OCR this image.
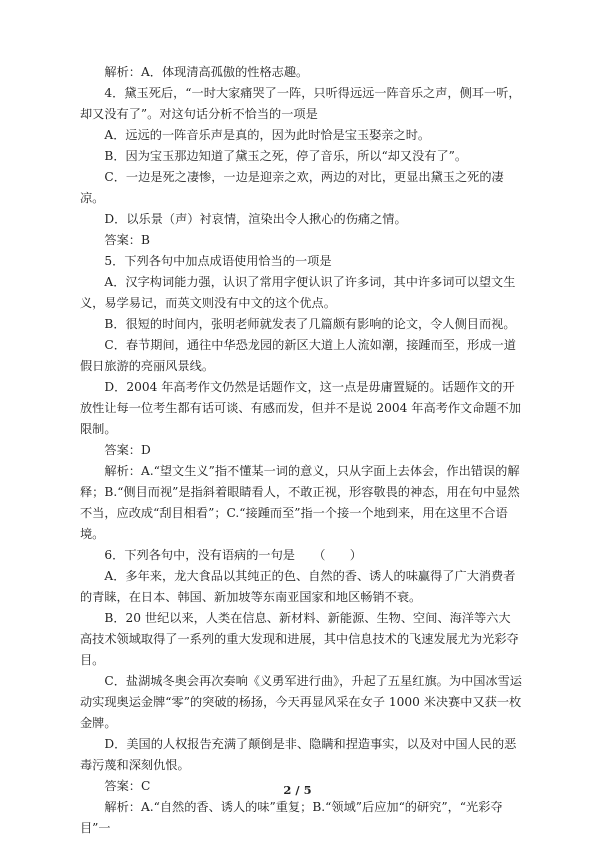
解析：A．体现清高孤傲的性格志趣。

4．黛玉死后，“一时大家痛哭了一阵，只听得远远一阵音乐之声，侧耳一听，却又没有了”。对这句话分析不恰当的一项是

A．远远的一阵音乐声是真的，因为此时恰是宝玉娶亲之时。

B．因为宝玉那边知道了黛玉之死，停了音乐，所以“却又没有了”。

C．一边是死之凄惨，一边是迎亲之欢，两边的对比，更显出黛玉之死的凄凉。

D．以乐景（声）衬哀情，渲染出令人揪心的伤痛之情。

答案：B

5．下列各句中加点成语使用恰当的一项是

A．汉字构词能力强，认识了常用字便认识了许多词，其中许多词可以望文生义，易学易记，而英文则没有中文的这个优点。

B．很短的时间内，张明老师就发表了几篇颇有影响的论文，令人侧目而视。

C．春节期间，通往中华恐龙园的新区大道上人流如潮，接踵而至，形成一道假日旅游的亮丽风景线。

D．2004 年高考作文仍然是话题作文，这一点是毋庸置疑的。话题作文的开放性让每一位考生都有话可谈、有感而发，但并不是说 2004 年高考作文命题不加限制。

答案：D

解析：A.“望文生义”指不懂某一词的意义，只从字面上去体会，作出错误的解释；B.“侧目而视”是指斜着眼睛看人，不敢正视，形容敬畏的神态，用在句中显然不当，应改成“刮目相看”；C.“接踵而至”指一个接一个地到来，用在这里不合语境。

6．下列各句中，没有语病的一句是　　（　　）

A．多年来，龙大食品以其纯正的色、自然的香、诱人的味赢得了广大消费者的青睐，在日本、韩国、新加坡等东南亚国家和地区畅销不衰。

B．20 世纪以来，人类在信息、新材料、新能源、生物、空间、海洋等六大高技术领域取得了一系列的重大发现和进展，其中信息技术的飞速发展尤为光彩夺目。

C．盐湖城冬奥会再次奏响《义勇军进行曲》，升起了五星红旗。为中国冰雪运动实现奥运金牌“零”的突破的杨扬，今天再显风采在女子 1000 米决赛中又获一枚金牌。

D．美国的人权报告充满了颠倒是非、隐瞒和捏造事实，以及对中国人民的恶毒污蔑和深刻仇恨。

答案：C

解析：A.“自然的香、诱人的味”重复；B.“领域”后应加“的研究”，“光彩夺目”一

2 / 5
